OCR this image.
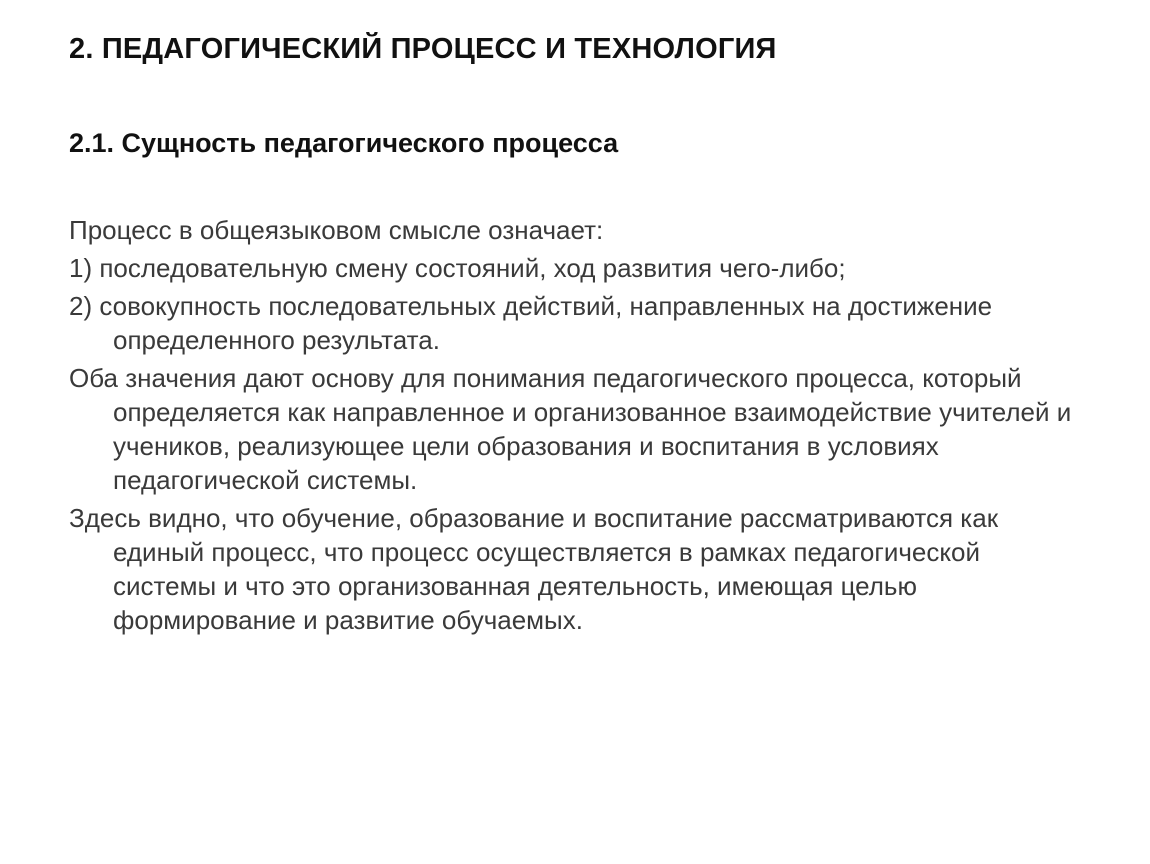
2. ПЕДАГОГИЧЕСКИЙ ПРОЦЕСС И ТЕХНОЛОГИЯ
2.1. Сущность педагогического процесса

Процесс в общеязыковом смысле означает:

1) последовательную смену состояний, ход развития чего-либо;

2) совокупность последовательных действий, направленных на достижение определенного результата.

Оба значения дают основу для понимания педагогического процесса, который определяется как направленное и организованное взаимодействие учителей и учеников, реализующее цели образования и воспитания в условиях педагогической системы.

Здесь видно, что обучение, образование и воспитание рассматриваются как единый процесс, что процесс осуществляется в рамках педагогической системы и что это организованная деятельность, имеющая целью формирование и развитие обучаемых.
